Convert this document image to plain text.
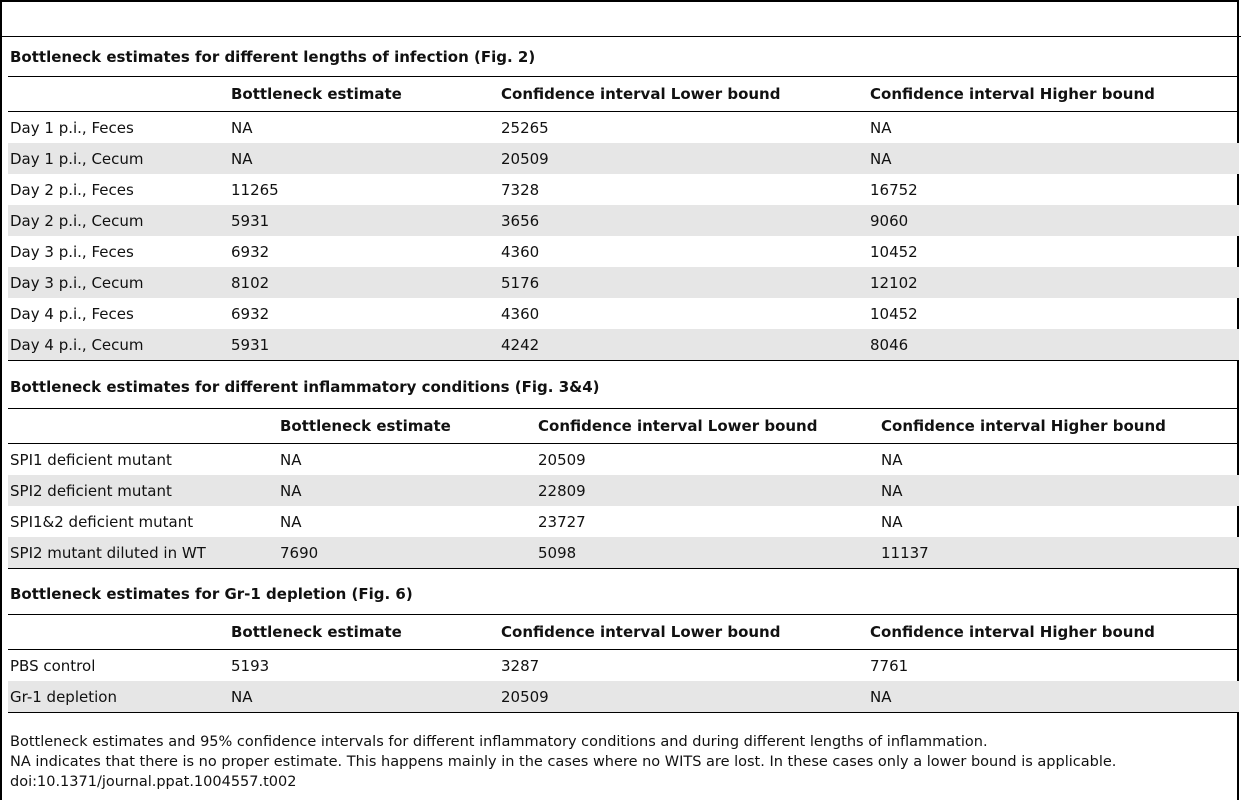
Bottleneck estimates for different lengths of infection (Fig. 2)
	Bottleneck estimate	Confidence interval Lower bound	Confidence interval Higher bound
Day 1 p.i., Feces	NA	25265	NA
Day 1 p.i., Cecum	NA	20509	NA
Day 2 p.i., Feces	11265	7328	16752
Day 2 p.i., Cecum	5931	3656	9060
Day 3 p.i., Feces	6932	4360	10452
Day 3 p.i., Cecum	8102	5176	12102
Day 4 p.i., Feces	6932	4360	10452
Day 4 p.i., Cecum	5931	4242	8046
Bottleneck estimates for different inflammatory conditions (Fig. 3&4)
	Bottleneck estimate	Confidence interval Lower bound	Confidence interval Higher bound
SPI1 deficient mutant	NA	20509	NA
SPI2 deficient mutant	NA	22809	NA
SPI1&2 deficient mutant	NA	23727	NA
SPI2 mutant diluted in WT	7690	5098	11137
Bottleneck estimates for Gr-1 depletion (Fig. 6)
	Bottleneck estimate	Confidence interval Lower bound	Confidence interval Higher bound
PBS control	5193	3287	7761
Gr-1 depletion	NA	20509	NA
Bottleneck estimates and 95% confidence intervals for different inflammatory conditions and during different lengths of inflammation.
NA indicates that there is no proper estimate. This happens mainly in the cases where no WITS are lost. In these cases only a lower bound is applicable.
doi:10.1371/journal.ppat.1004557.t002
